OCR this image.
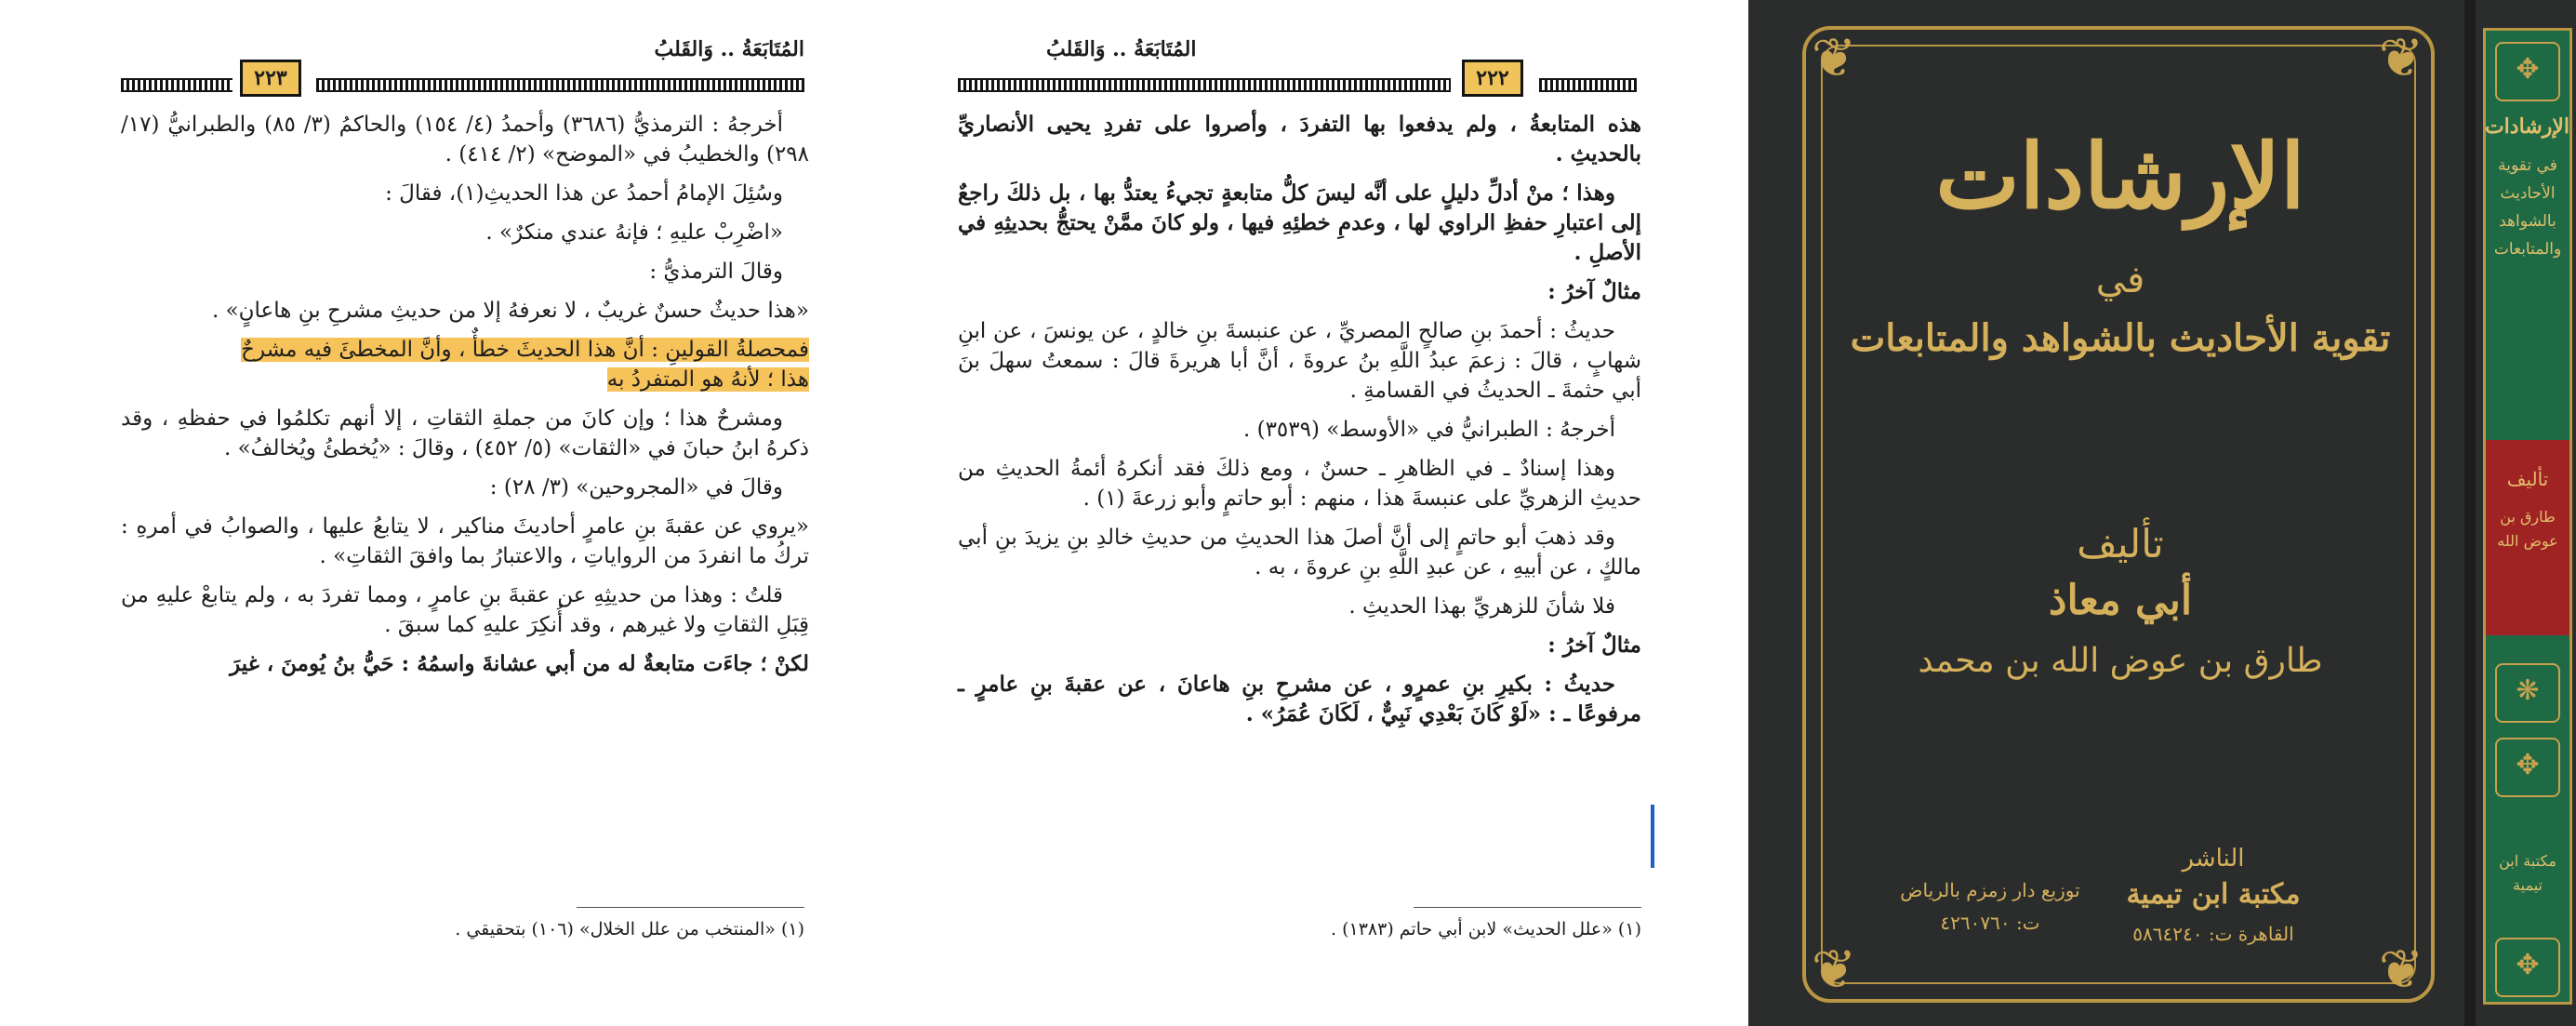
٢٢٣
المُتَابَعَةُ .. وَالقَلبُ

أخرجهُ : الترمذيُّ (٣٦٨٦) وأحمدُ (٤/ ١٥٤) والحاكمُ (٣/ ٨٥) والطبرانيُّ (١٧/ ٢٩٨) والخطيبُ في «الموضح» (٢/ ٤١٤) .

وسُئِلَ الإمامُ أحمدُ عن هذا الحديثِ(١)، فقالَ :

«اضْرِبْ عليهِ ؛ فإنهُ عندي منكرٌ» .

وقالَ الترمذيُّ :

«هذا حديثٌ حسنٌ غريبٌ ، لا نعرفهُ إلا من حديثِ مشرحِ بنِ هاعانٍ» .

فمحصلةُ القولينِ : أنَّ هذا الحديثَ خطأٌ ، وأنَّ المخطئَ فيه مشرحٌ
هذا ؛ لأنهُ هو المتفردُ به

ومشرحٌ هذا ؛ وإن كانَ من جملةِ الثقاتِ ، إلا أنهم تكلمُوا في حفظهِ ، وقد ذكرهُ ابنُ حبانَ في «الثقات» (٥/ ٤٥٢) ، وقالَ : «يُخطئُ ويُخالفُ» .

وقالَ في «المجروحين» (٣/ ٢٨) :

«يروي عن عقبةَ بنِ عامرٍ أحاديثَ مناكير ، لا يتابعُ عليها ، والصوابُ في أمرهِ : تركُ ما انفردَ من الرواياتِ ، والاعتبارُ بما وافقَ الثقاتِ» .

قلتُ : وهذا من حديثِهِ عن عقبةَ بنِ عامرٍ ، ومما تفردَ به ، ولم يتابعْ عليهِ من قِبَلِ الثقاتِ ولا غيرهم ، وقد أُنكِرَ عليهِ كما سبقَ .

لكنْ ؛ جاءَت متابعةٌ له من أبي عشانةَ واسمُهُ : حَيُّ بنُ يُومنَ ، غيرَ

(١) «المنتخب من علل الخلال» (١٠٦) بتحقيقي .
٢٢٢
المُتَابَعَةُ .. وَالقَلبُ

هذه المتابعةُ ، ولم يدفعوا بها التفردَ ، وأصروا على تفردِ يحيى الأنصاريِّ بالحديثِ .

وهذا ؛ منْ أدلِّ دليلٍ على أنَّه ليسَ كلُّ متابعةٍ تجيءُ يعتدُّ بها ، بل ذلكَ راجعٌ إلى اعتبارِ حفظِ الراوي لها ، وعدمِ خطئِهِ فيها ، ولو كانَ ممَّنْ يحتجُّ بحديثِهِ في الأصلِ .

مثالٌ آخرُ :

حديثُ : أحمدَ بنِ صالحٍ المصريِّ ، عن عنبسةَ بنِ خالدٍ ، عن يونسَ ، عن ابنِ شهابٍ ، قالَ : زعمَ عبدُ اللَّهِ بنُ عروةَ ، أنَّ أبا هريرةَ قالَ : سمعتُ سهلَ بنَ أبي حثمةَ ـ الحديثُ في القسامةِ .

أخرجهُ : الطبرانيُّ في «الأوسط» (٣٥٣٩) .

وهذا إسنادٌ ـ في الظاهرِ ـ حسنٌ ، ومع ذلكَ فقد أنكرهُ أئمةُ الحديثِ من حديثِ الزهريِّ على عنبسةَ هذا ، منهم : أبو حاتمٍ وأبو زرعةَ (١) .

وقد ذهبَ أبو حاتمٍ إلى أنَّ أصلَ هذا الحديثِ من حديثِ خالدِ بنِ يزيدَ بنِ أبي مالكٍ ، عن أبيهِ ، عن عبدِ اللَّهِ بنِ عروةَ ، به .

فلا شأنَ للزهريِّ بهذا الحديثِ .

مثالٌ آخرُ :

حديثُ : بكيرِ بنِ عمرٍو ، عن مشرحِ بنِ هاعانَ ، عن عقبةَ بنِ عامرٍ ـ مرفوعًا ـ : «لَوْ كَانَ بَعْدِي نَبِيٌّ ، لَكَانَ عُمَرُ» .

(١) «علل الحديث» لابن أبي حاتم (١٣٨٣) .
❦	❦
❦	❦
الإرشادات
في
تقوية الأحاديث بالشواهد والمتابعات
تأليف
أبي معاذ
طارق بن عوض الله بن محمد
الناشر
مكتبة ابن تيمية
القاهرة ت: ٥٨٦٤٢٤٠
توزيع دار زمزم بالرياض
ت: ٤٢٦٠٧٦٠
✥
الإرشادات
في تقوية الأحاديث بالشواهد والمتابعات
تأليف
طارق بن عوض الله
❋
✥
مكتبة ابن تيمية
✥
